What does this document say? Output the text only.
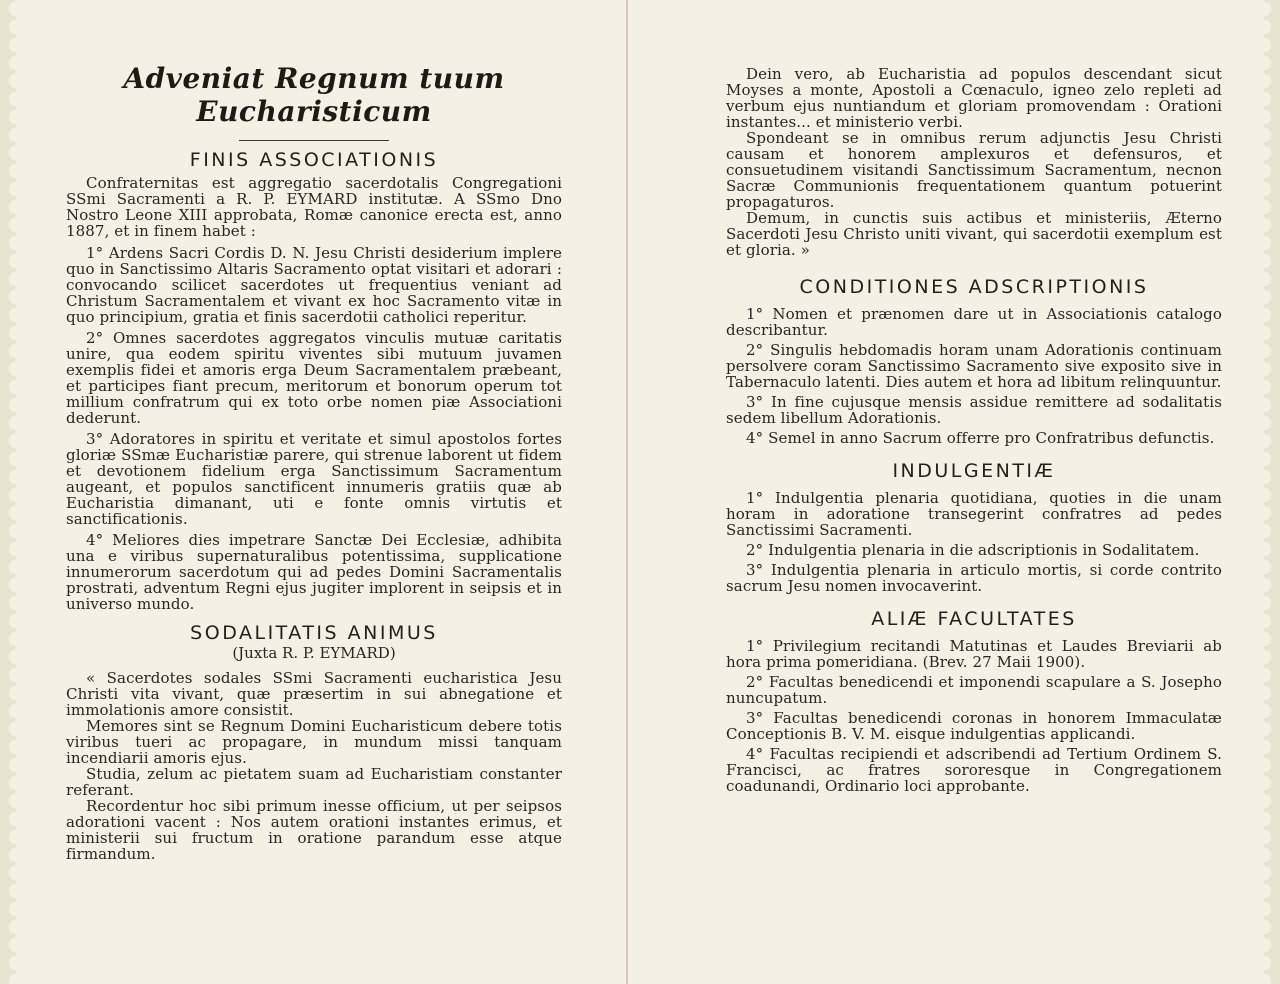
Adveniat Regnum tuum Eucharisticum
FINIS ASSOCIATIONIS

Confraternitas est aggregatio sacerdotalis Congregationi SSmi Sacramenti a R. P. EYMARD institutæ. A SSmo Dno Nostro Leone XIII approbata, Romæ canonice erecta est, anno 1887, et in finem habet :

1° Ardens Sacri Cordis D. N. Jesu Christi desiderium implere quo in Sanctissimo Altaris Sacramento optat visitari et adorari : convocando scilicet sacerdotes ut frequentius veniant ad Christum Sacramentalem et vivant ex hoc Sacramento vitæ in quo principium, gratia et finis sacerdotii catholici reperitur.

2° Omnes sacerdotes aggregatos vinculis mutuæ caritatis unire, qua eodem spiritu viventes sibi mutuum juvamen exemplis fidei et amoris erga Deum Sacramentalem præbeant, et participes fiant precum, meritorum et bonorum operum tot millium confratrum qui ex toto orbe nomen piæ Associationi dederunt.

3° Adoratores in spiritu et veritate et simul apostolos fortes gloriæ SSmæ Eucharistiæ parere, qui strenue laborent ut fidem et devotionem fidelium erga Sanctissimum Sacramentum augeant, et populos sanctificent innumeris gratiis quæ ab Eucharistia dimanant, uti e fonte omnis virtutis et sanctificationis.

4° Meliores dies impetrare Sanctæ Dei Ecclesiæ, adhibita una e viribus supernaturalibus potentissima, supplicatione innumerorum sacerdotum qui ad pedes Domini Sacramentalis prostrati, adventum Regni ejus jugiter implorent in seipsis et in universo mundo.

SODALITATIS ANIMUS
(Juxta R. P. EYMARD)

« Sacerdotes sodales SSmi Sacramenti eucharistica Jesu Christi vita vivant, quæ præsertim in sui abnegatione et immolationis amore consistit.

Memores sint se Regnum Domini Eucharisticum debere totis viribus tueri ac propagare, in mundum missi tanquam incendiarii amoris ejus.

Studia, zelum ac pietatem suam ad Eucharistiam constanter referant.

Recordentur hoc sibi primum inesse officium, ut per seipsos adorationi vacent : Nos autem orationi instantes erimus, et ministerii sui fructum in oratione parandum esse atque firmandum.

Dein vero, ab Eucharistia ad populos descendant sicut Moyses a monte, Apostoli a Cœnaculo, igneo zelo repleti ad verbum ejus nuntiandum et gloriam promovendam : Orationi instantes... et ministerio verbi.

Spondeant se in omnibus rerum adjunctis Jesu Christi causam et honorem amplexuros et defensuros, et consuetudinem visitandi Sanctissimum Sacramentum, necnon Sacræ Communionis frequentationem quantum potuerint propagaturos.

Demum, in cunctis suis actibus et ministeriis, Æterno Sacerdoti Jesu Christo uniti vivant, qui sacerdotii exemplum est et gloria. »

CONDITIONES ADSCRIPTIONIS

1° Nomen et prænomen dare ut in Associationis catalogo describantur.

2° Singulis hebdomadis horam unam Adorationis continuam persolvere coram Sanctissimo Sacramento sive exposito sive in Tabernaculo latenti. Dies autem et hora ad libitum relinquuntur.

3° In fine cujusque mensis assidue remittere ad sodalitatis sedem libellum Adorationis.

4° Semel in anno Sacrum offerre pro Confratribus defunctis.

INDULGENTIÆ

1° Indulgentia plenaria quotidiana, quoties in die unam horam in adoratione transegerint confratres ad pedes Sanctissimi Sacramenti.

2° Indulgentia plenaria in die adscriptionis in Sodalitatem.

3° Indulgentia plenaria in articulo mortis, si corde contrito sacrum Jesu nomen invocaverint.

ALIÆ FACULTATES

1° Privilegium recitandi Matutinas et Laudes Breviarii ab hora prima pomeridiana. (Brev. 27 Maii 1900).

2° Facultas benedicendi et imponendi scapulare a S. Josepho nuncupatum.

3° Facultas benedicendi coronas in honorem Immaculatæ Conceptionis B. V. M. eisque indulgentias applicandi.

4° Facultas recipiendi et adscribendi ad Tertium Ordinem S. Francisci, ac fratres sororesque in Congregationem coadunandi, Ordinario loci approbante.
